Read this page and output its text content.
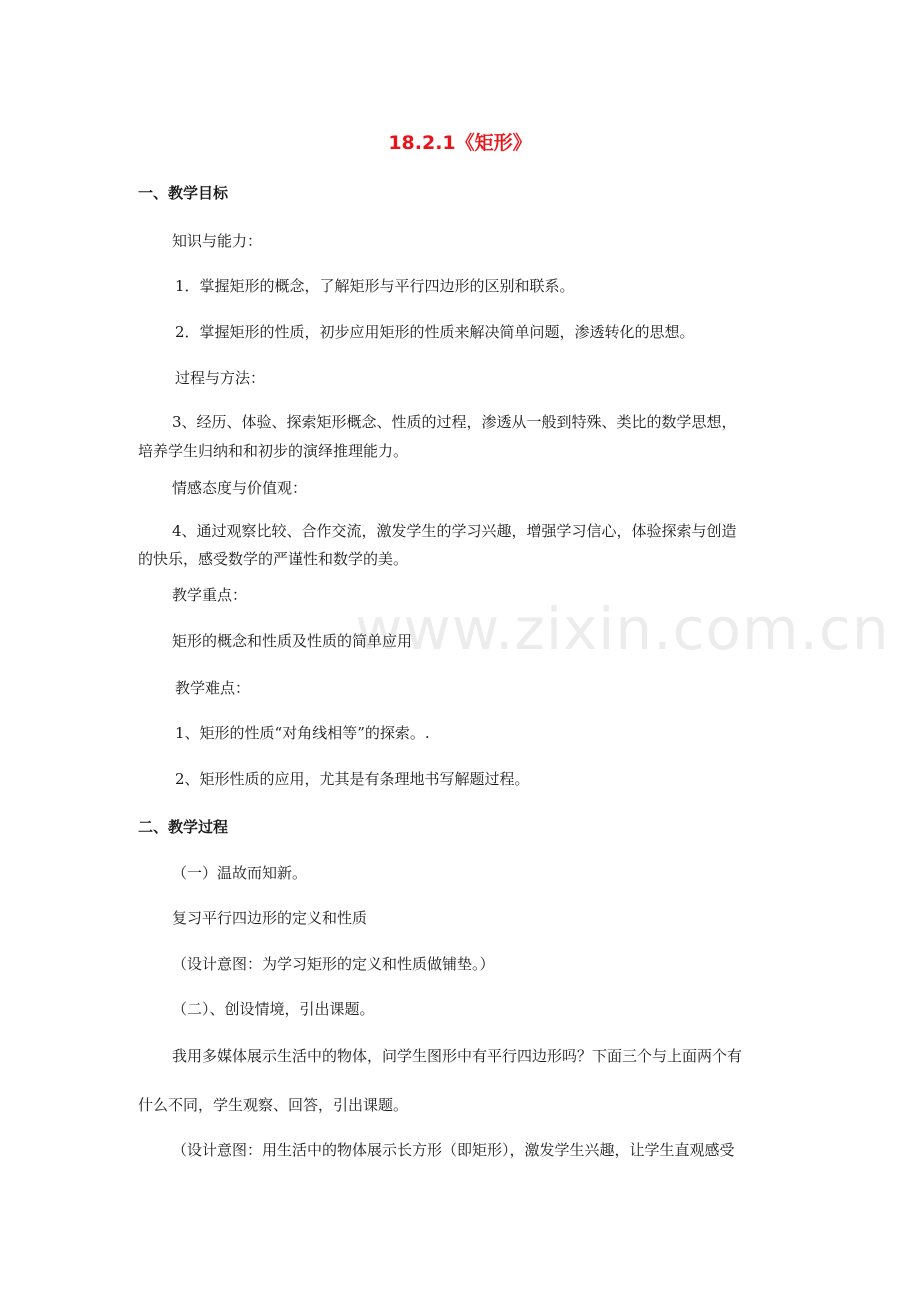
www.zixin.com.cn
18.2.1《矩形》
一、教学目标
知识与能力：
1．掌握矩形的概念，了解矩形与平行四边形的区别和联系。
2．掌握矩形的性质，初步应用矩形的性质来解决简单问题，渗透转化的思想。
过程与方法：
3、经历、体验、探索矩形概念、性质的过程，渗透从一般到特殊、类比的数学思想，
培养学生归纳和和初步的演绎推理能力。
情感态度与价值观：
4、通过观察比较、合作交流，激发学生的学习兴趣，增强学习信心，体验探索与创造
的快乐，感受数学的严谨性和数学的美。
教学重点：
矩形的概念和性质及性质的简单应用
教学难点：
1、矩形的性质“对角线相等”的探索。.
2、矩形性质的应用，尤其是有条理地书写解题过程。
二、教学过程
（一）温故而知新。
复习平行四边形的定义和性质
（设计意图：为学习矩形的定义和性质做铺垫。）
（二）、创设情境，引出课题。
我用多媒体展示生活中的物体，问学生图形中有平行四边形吗？下面三个与上面两个有
什么不同，学生观察、回答，引出课题。
（设计意图：用生活中的物体展示长方形（即矩形），激发学生兴趣，让学生直观感受
